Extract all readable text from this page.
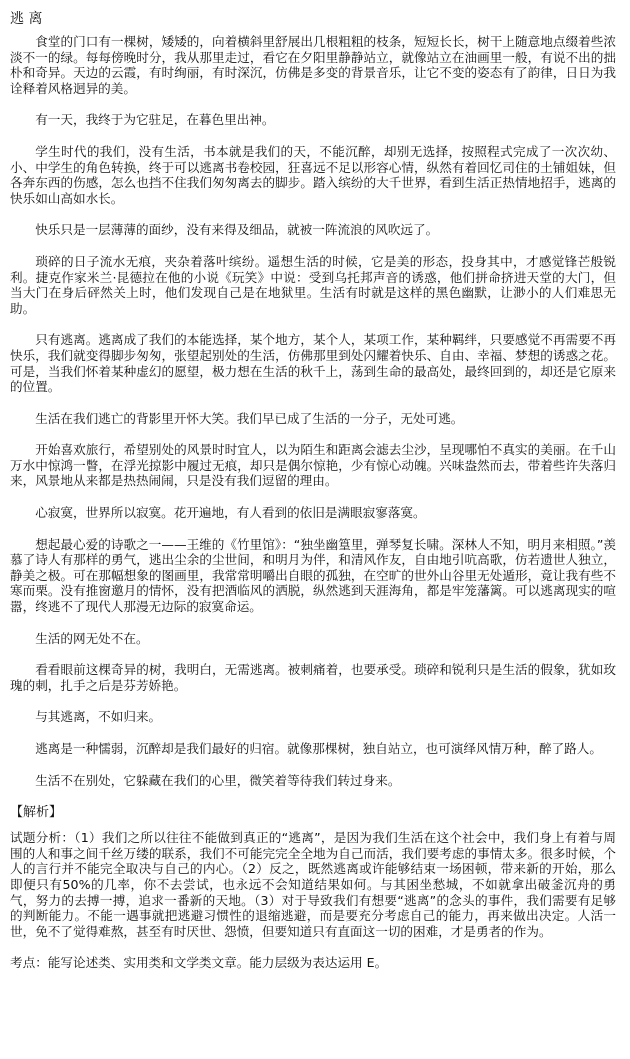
逃 离

食堂的门口有一棵树，矮矮的，向着横斜里舒展出几根粗粗的枝条，短短长长，树干上随意地点缀着些浓淡不一的绿。每每傍晚时分，我从那里走过，看它在夕阳里静静站立，就像站立在油画里一般，有说不出的拙朴和奇异。天边的云霞，有时绚丽，有时深沉，仿佛是多变的背景音乐，让它不变的姿态有了韵律，日日为我诠释着风格迥异的美。

有一天，我终于为它驻足，在暮色里出神。

学生时代的我们，没有生活，书本就是我们的天，不能沉醉，却别无选择，按照程式完成了一次次幼、小、中学生的角色转换，终于可以逃离书卷校园，狂喜远不足以形容心情，纵然有着回忆司住的土铺姐妹，但各奔东西的伤感，怎么也挡不住我们匆匆离去的脚步。踏入缤纷的大千世界，看到生活正热情地招手，逃离的快乐如山高如水长。

快乐只是一层薄薄的面纱，没有来得及细品，就被一阵流浪的风吹远了。

琐碎的日子流水无痕，夹杂着落叶缤纷。遥想生活的时候，它是美的形态，投身其中，才感觉锋芒般锐利。捷克作家米兰·昆德拉在他的小说《玩笑》中说：受到乌托邦声音的诱惑，他们拼命挤进天堂的大门，但当大门在身后砰然关上时，他们发现自己是在地狱里。生活有时就是这样的黑色幽默，让渺小的人们难思无助。

只有逃离。逃离成了我们的本能选择，某个地方，某个人，某项工作，某种羁绊，只要感觉不再需要不再快乐，我们就变得脚步匆匆，张望起别处的生活，仿佛那里到处闪耀着快乐、自由、幸福、梦想的诱惑之花。可是，当我们怀着某种虚幻的愿望，极力想在生活的秋千上，荡到生命的最高处，最终回到的，却还是它原来的位置。

生活在我们逃亡的背影里开怀大笑。我们早已成了生活的一分子，无处可逃。

开始喜欢旅行，希望别处的风景时时宜人，以为陌生和距离会滤去尘沙，呈现哪怕不真实的美丽。在千山万水中惊鸿一瞥，在浮光掠影中履过无痕，却只是偶尔惊艳，少有惊心动魄。兴味盎然而去，带着些许失落归来，风景地从来都是热热闹闹，只是没有我们逗留的理由。

心寂寞，世界所以寂寞。花开遍地，有人看到的依旧是满眼寂寥落寞。

想起最心爱的诗歌之一——王维的《竹里馆》：“独坐幽篁里，弹琴复长啸。深林人不知，明月来相照。”羡慕了诗人有那样的勇气，逃出尘余的尘世间，和明月为伴，和清风作友，自由地引吭高歌，仿若遗世人独立，静美之极。可在那幅想象的图画里，我常常明嚼出自眼的孤独，在空旷的世外山谷里无处遁形，竟让我有些不寒而栗。没有推窗邀月的情怀，没有把酒临风的洒脱，纵然逃到天涯海角，都是牢笼藩篱。可以逃离现实的喧嚣，终逃不了现代人那漫无边际的寂寞命运。

生活的网无处不在。

看看眼前这棵奇异的树，我明白，无需逃离。被刺痛着，也要承受。琐碎和锐利只是生活的假象，犹如玫瑰的刺，扎手之后是芬芳娇艳。

与其逃离，不如归来。

逃离是一种懦弱，沉醉却是我们最好的归宿。就像那棵树，独自站立，也可演绎风情万种，醉了路人。

生活不在别处，它躲藏在我们的心里，微笑着等待我们转过身来。

【解析】

试题分析：（1）我们之所以往往不能做到真正的“逃离”，是因为我们生活在这个社会中，我们身上有着与周围的人和事之间千丝万缕的联系，我们不可能完完全全地为自己而活，我们要考虑的事情太多。很多时候，个人的言行并不能完全取决与自己的内心。（2）反之，既然逃离或许能够结束一场困顿，带来新的开始，那么即便只有50%的几率，你不去尝试，也永远不会知道结果如何。与其困坐愁城，不如就拿出破釜沉舟的勇气，努力的去搏一搏，追求一番新的天地。（3）对于导致我们有想要“逃离”的念头的事件，我们需要有足够的判断能力。不能一遇事就把逃避习惯性的退缩逃避，而是要充分考虑自己的能力，再来做出决定。人活一世，免不了觉得难熬，甚至有时厌世、怨愤，但要知道只有直面这一切的困难，才是勇者的作为。

考点：能写论述类、实用类和文学类文章。能力层级为表达运用 E。
